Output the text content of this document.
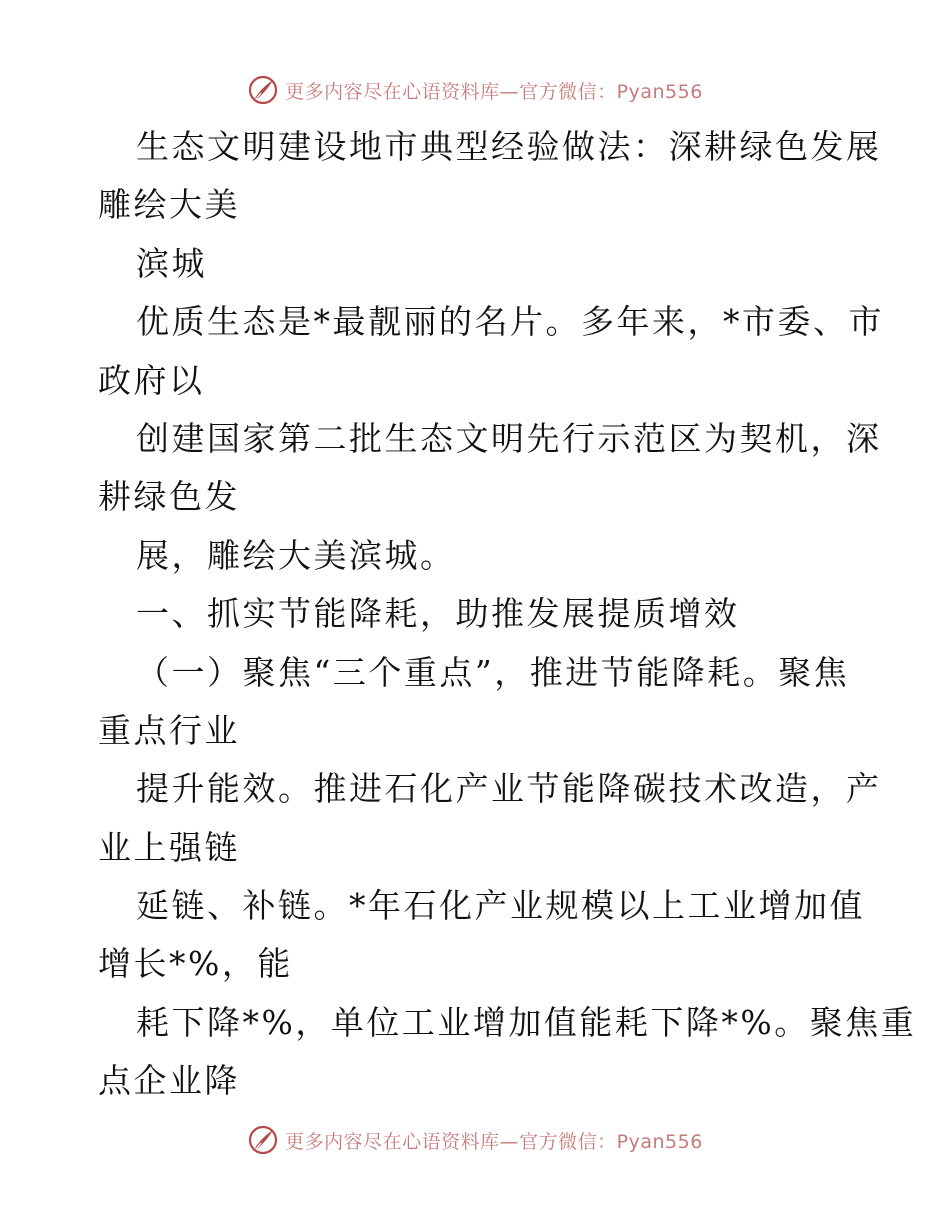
更多内容尽在心语资料库—官方微信：Pyan556
生态文明建设地市典型经验做法：深耕绿色发展
雕绘大美
滨城
优质生态是*最靓丽的名片。多年来，*市委、市
政府以
创建国家第二批生态文明先行示范区为契机，深
耕绿色发
展，雕绘大美滨城。
一、抓实节能降耗，助推发展提质增效
（一）聚焦“三个重点”，推进节能降耗。聚焦
重点行业
提升能效。推进石化产业节能降碳技术改造，产
业上强链
延链、补链。*年石化产业规模以上工业增加值
增长*%，能
耗下降*%，单位工业增加值能耗下降*%。聚焦重
点企业降
更多内容尽在心语资料库—官方微信：Pyan556
